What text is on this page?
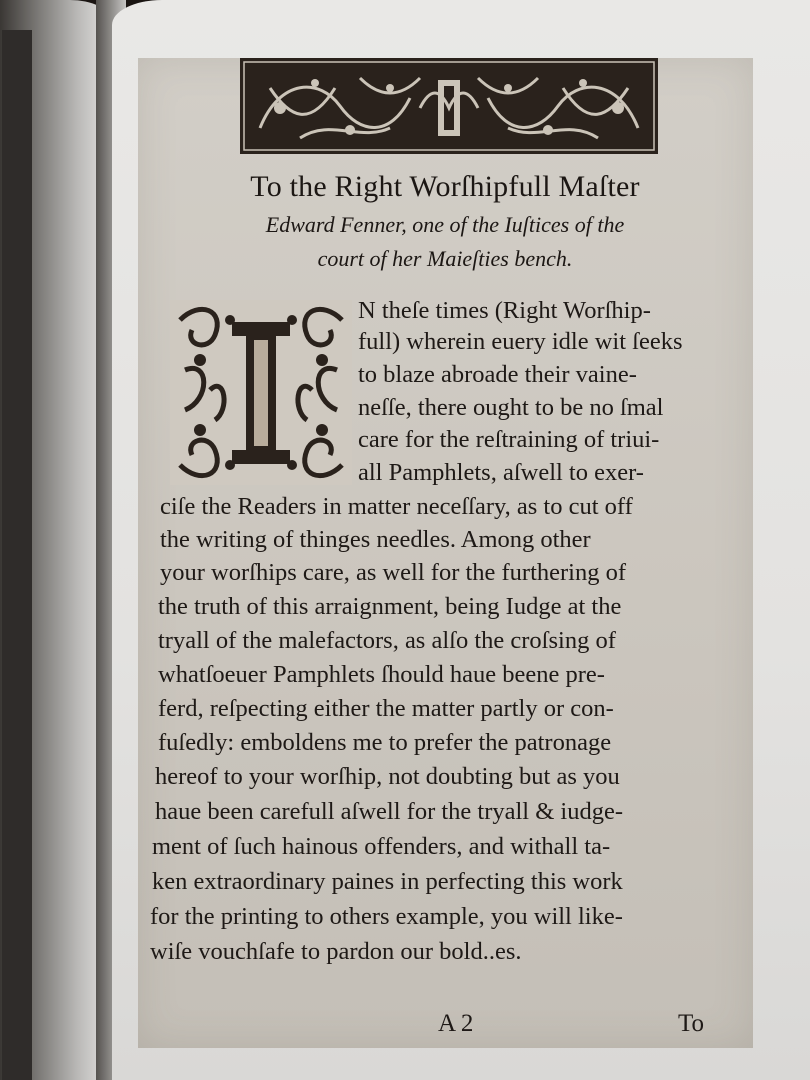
To the Right Worſhipfull Maſter

Edward Fenner, one of the Iuſtices of the

court of her Maieſties bench.

N theſe times (Right Worſhip-

full) wherein euery idle wit ſeeks

to blaze abroade their vaine-

neſſe, there ought to be no ſmal

care for the reſtraining of triui-

all Pamphlets, aſwell to exer-

ciſe the Readers in matter neceſſary, as to cut off

the writing of thinges needles. Among other

your worſhips care, as well for the furthering of

the truth of this arraignment, being Iudge at the

tryall of the malefactors, as alſo the croſsing of

whatſoeuer Pamphlets ſhould haue beene pre-

ferd, reſpecting either the matter partly or con-

fuſedly: emboldens me to prefer the patronage

hereof to your worſhip, not doubting but as you

haue been carefull aſwell for the tryall & iudge-

ment of ſuch hainous offenders, and withall ta-

ken extraordinary paines in perfecting this work

for the printing to others example, you will like-

wiſe vouchſafe to pardon our bold..es.

A 2	To
